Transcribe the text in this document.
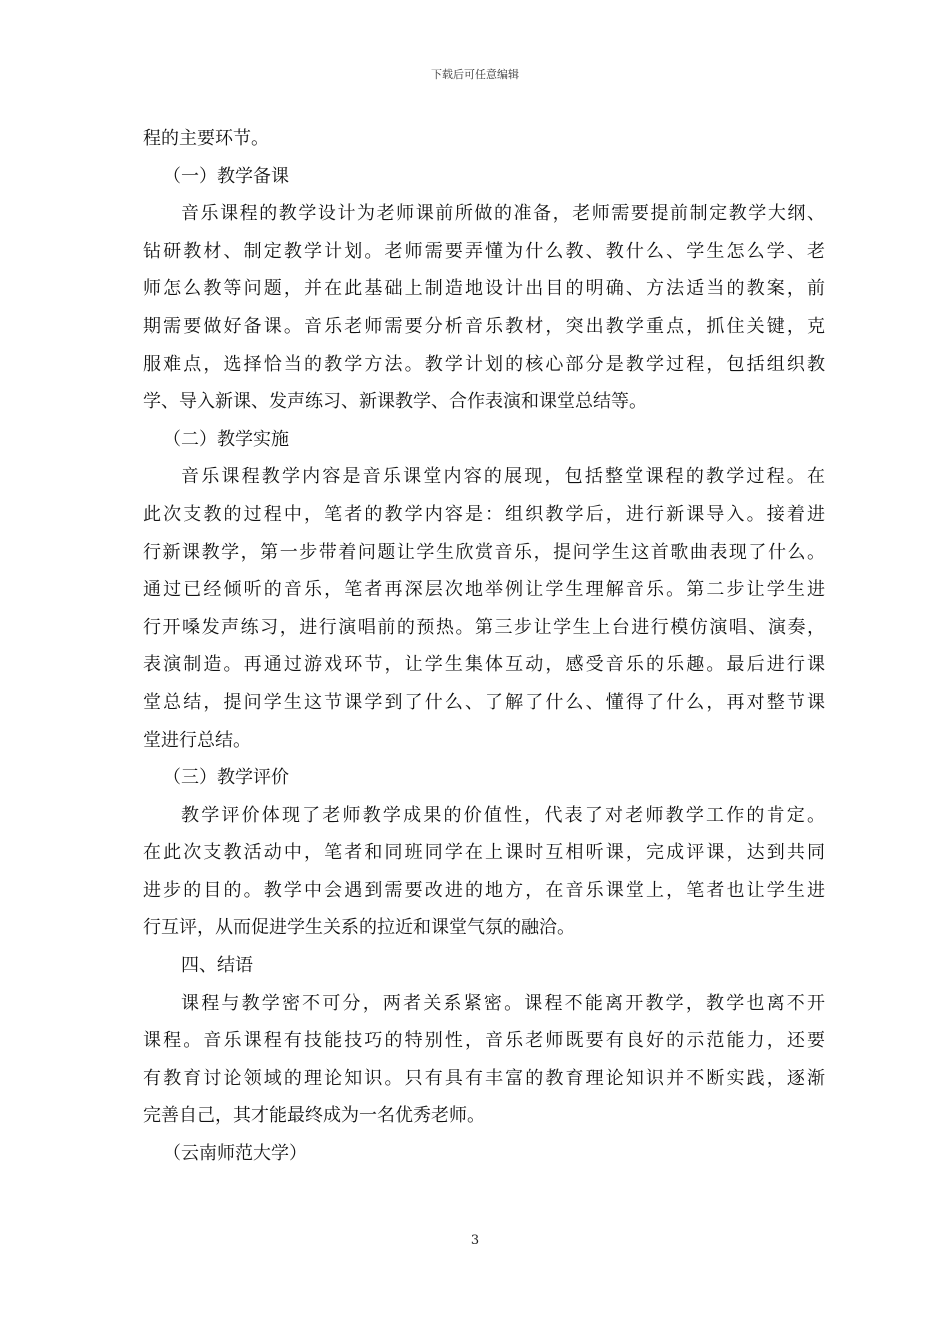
下载后可任意编辑
程的主要环节。
（一）教学备课
音乐课程的教学设计为老师课前所做的准备，老师需要提前制定教学大纲、
钻研教材、制定教学计划。老师需要弄懂为什么教、教什么、学生怎么学、老
师怎么教等问题，并在此基础上制造地设计出目的明确、方法适当的教案，前
期需要做好备课。音乐老师需要分析音乐教材，突出教学重点，抓住关键，克
服难点，选择恰当的教学方法。教学计划的核心部分是教学过程，包括组织教
学、导入新课、发声练习、新课教学、合作表演和课堂总结等。
（二）教学实施
音乐课程教学内容是音乐课堂内容的展现，包括整堂课程的教学过程。在
此次支教的过程中，笔者的教学内容是：组织教学后，进行新课导入。接着进
行新课教学，第一步带着问题让学生欣赏音乐，提问学生这首歌曲表现了什么。
通过已经倾听的音乐，笔者再深层次地举例让学生理解音乐。第二步让学生进
行开嗓发声练习，进行演唱前的预热。第三步让学生上台进行模仿演唱、演奏，
表演制造。再通过游戏环节，让学生集体互动，感受音乐的乐趣。最后进行课
堂总结，提问学生这节课学到了什么、了解了什么、懂得了什么，再对整节课
堂进行总结。
（三）教学评价
教学评价体现了老师教学成果的价值性，代表了对老师教学工作的肯定。
在此次支教活动中，笔者和同班同学在上课时互相听课，完成评课，达到共同
进步的目的。教学中会遇到需要改进的地方，在音乐课堂上，笔者也让学生进
行互评，从而促进学生关系的拉近和课堂气氛的融洽。
四、结语
课程与教学密不可分，两者关系紧密。课程不能离开教学，教学也离不开
课程。音乐课程有技能技巧的特别性，音乐老师既要有良好的示范能力，还要
有教育讨论领域的理论知识。只有具有丰富的教育理论知识并不断实践，逐渐
完善自己，其才能最终成为一名优秀老师。
（云南师范大学）
3
